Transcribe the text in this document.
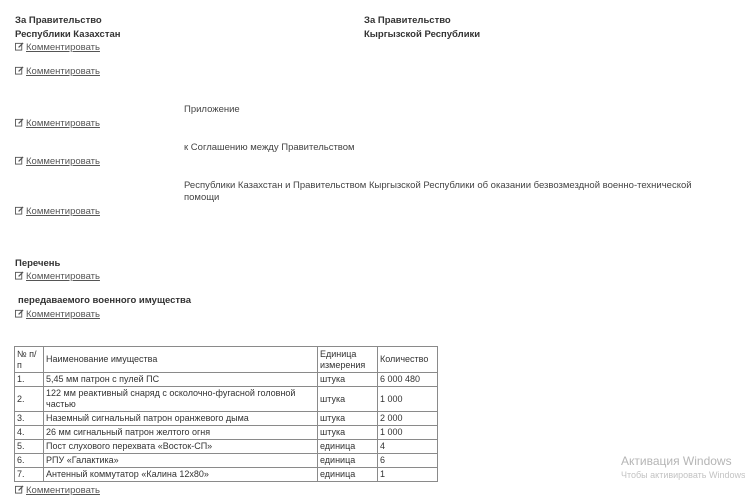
За Правительство
Республики Казахстан
За Правительство
Кыргызской Республики
Комментировать
Комментировать
Приложение
Комментировать
к Соглашению между Правительством
Комментировать
Республики Казахстан и Правительством Кыргызской Республики об оказании безвозмездной военно-технической помощи
Комментировать
Перечень
Комментировать
передаваемого военного имущества
Комментировать
№ п/п	Наименование имущества	Единица измерения	Количество
1.	5,45 мм патрон с пулей ПС	штука	6 000 480
2.	122 мм реактивный снаряд с осколочно-фугасной головной частью	штука	1 000
3.	Наземный сигнальный патрон оранжевого дыма	штука	2 000
4.	26 мм сигнальный патрон желтого огня	штука	1 000
5.	Пост слухового перехвата «Восток-СП»	единица	4
6.	РПУ «Галактика»	единица	6
7.	Антенный коммутатор «Калина 12х80»	единица	1
Комментировать
Активация Windows
Чтобы активировать Windows
